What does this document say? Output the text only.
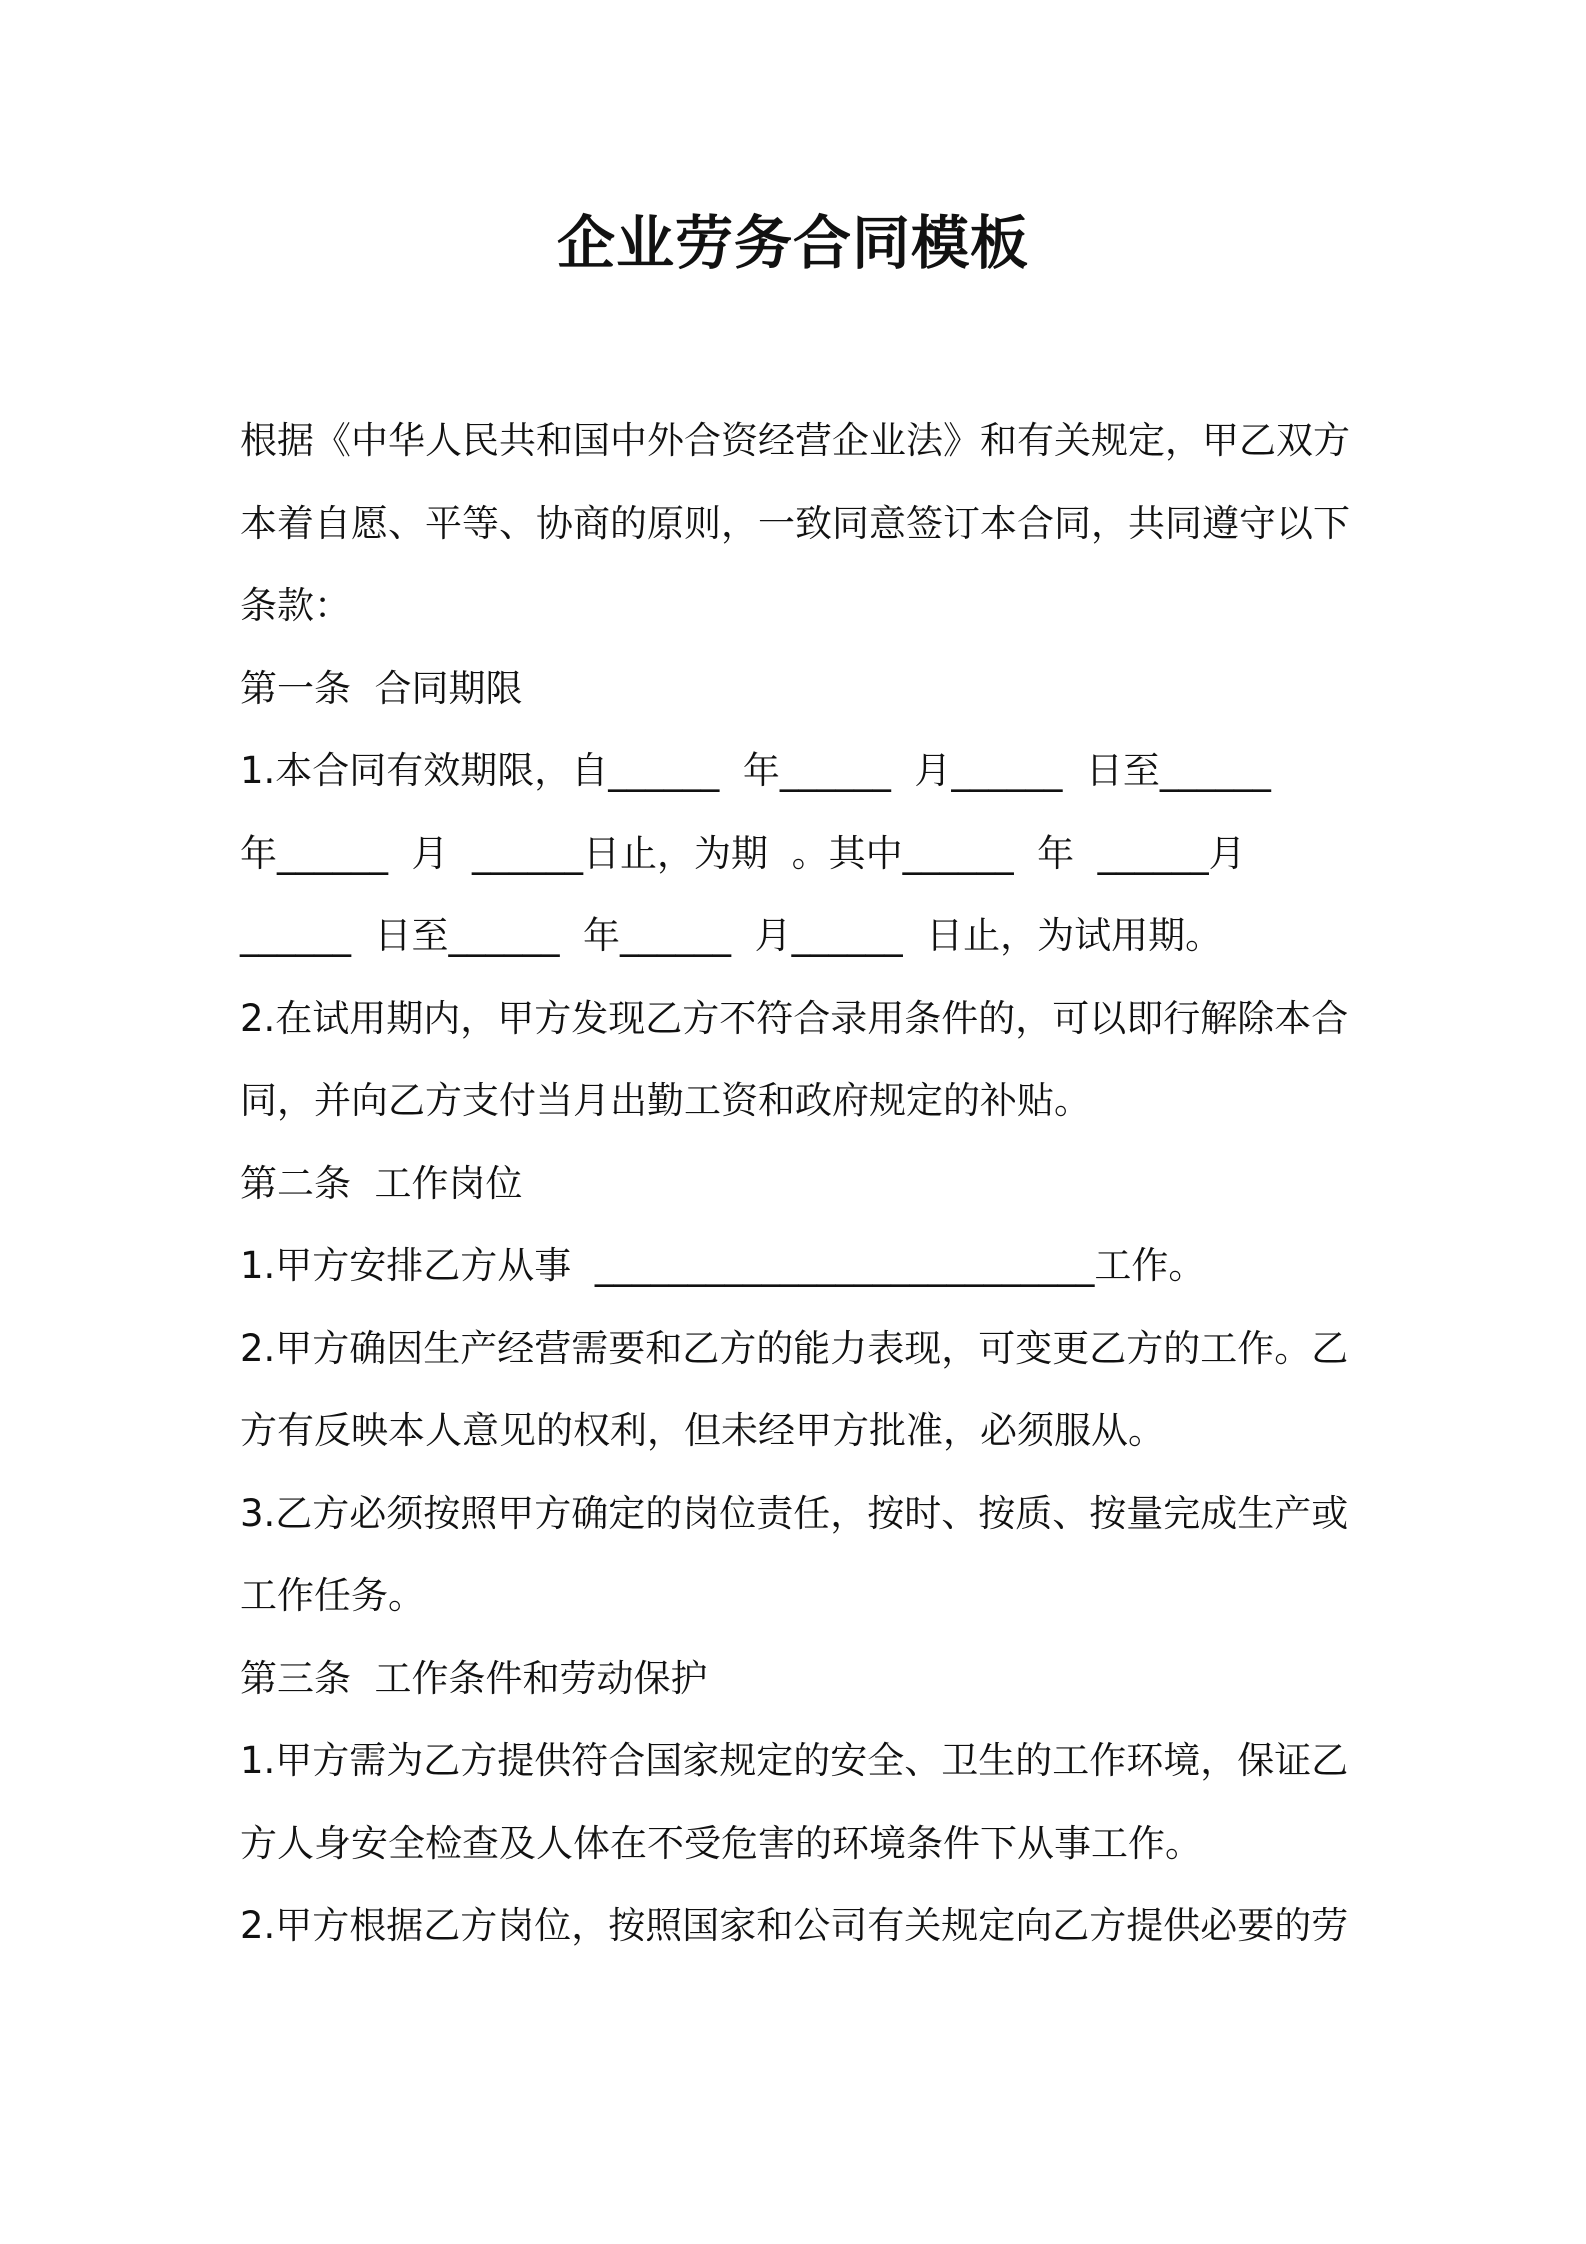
企业劳务合同模板

根据《中华人民共和国中外合资经营企业法》和有关规定，甲乙双方

本着自愿、平等、协商的原则，一致同意签订本合同，共同遵守以下

条款：

第一条  合同期限

1.本合同有效期限，自______  年______  月______  日至______

年______  月  ______日止，为期  。其中______  年  ______月

______  日至______  年______  月______  日止，为试用期。

2.在试用期内，甲方发现乙方不符合录用条件的，可以即行解除本合

同，并向乙方支付当月出勤工资和政府规定的补贴。

第二条  工作岗位

1.甲方安排乙方从事  ___________________________工作。

2.甲方确因生产经营需要和乙方的能力表现，可变更乙方的工作。乙

方有反映本人意见的权利，但未经甲方批准，必须服从。

3.乙方必须按照甲方确定的岗位责任，按时、按质、按量完成生产或

工作任务。

第三条  工作条件和劳动保护

1.甲方需为乙方提供符合国家规定的安全、卫生的工作环境，保证乙

方人身安全检查及人体在不受危害的环境条件下从事工作。

2.甲方根据乙方岗位，按照国家和公司有关规定向乙方提供必要的劳
